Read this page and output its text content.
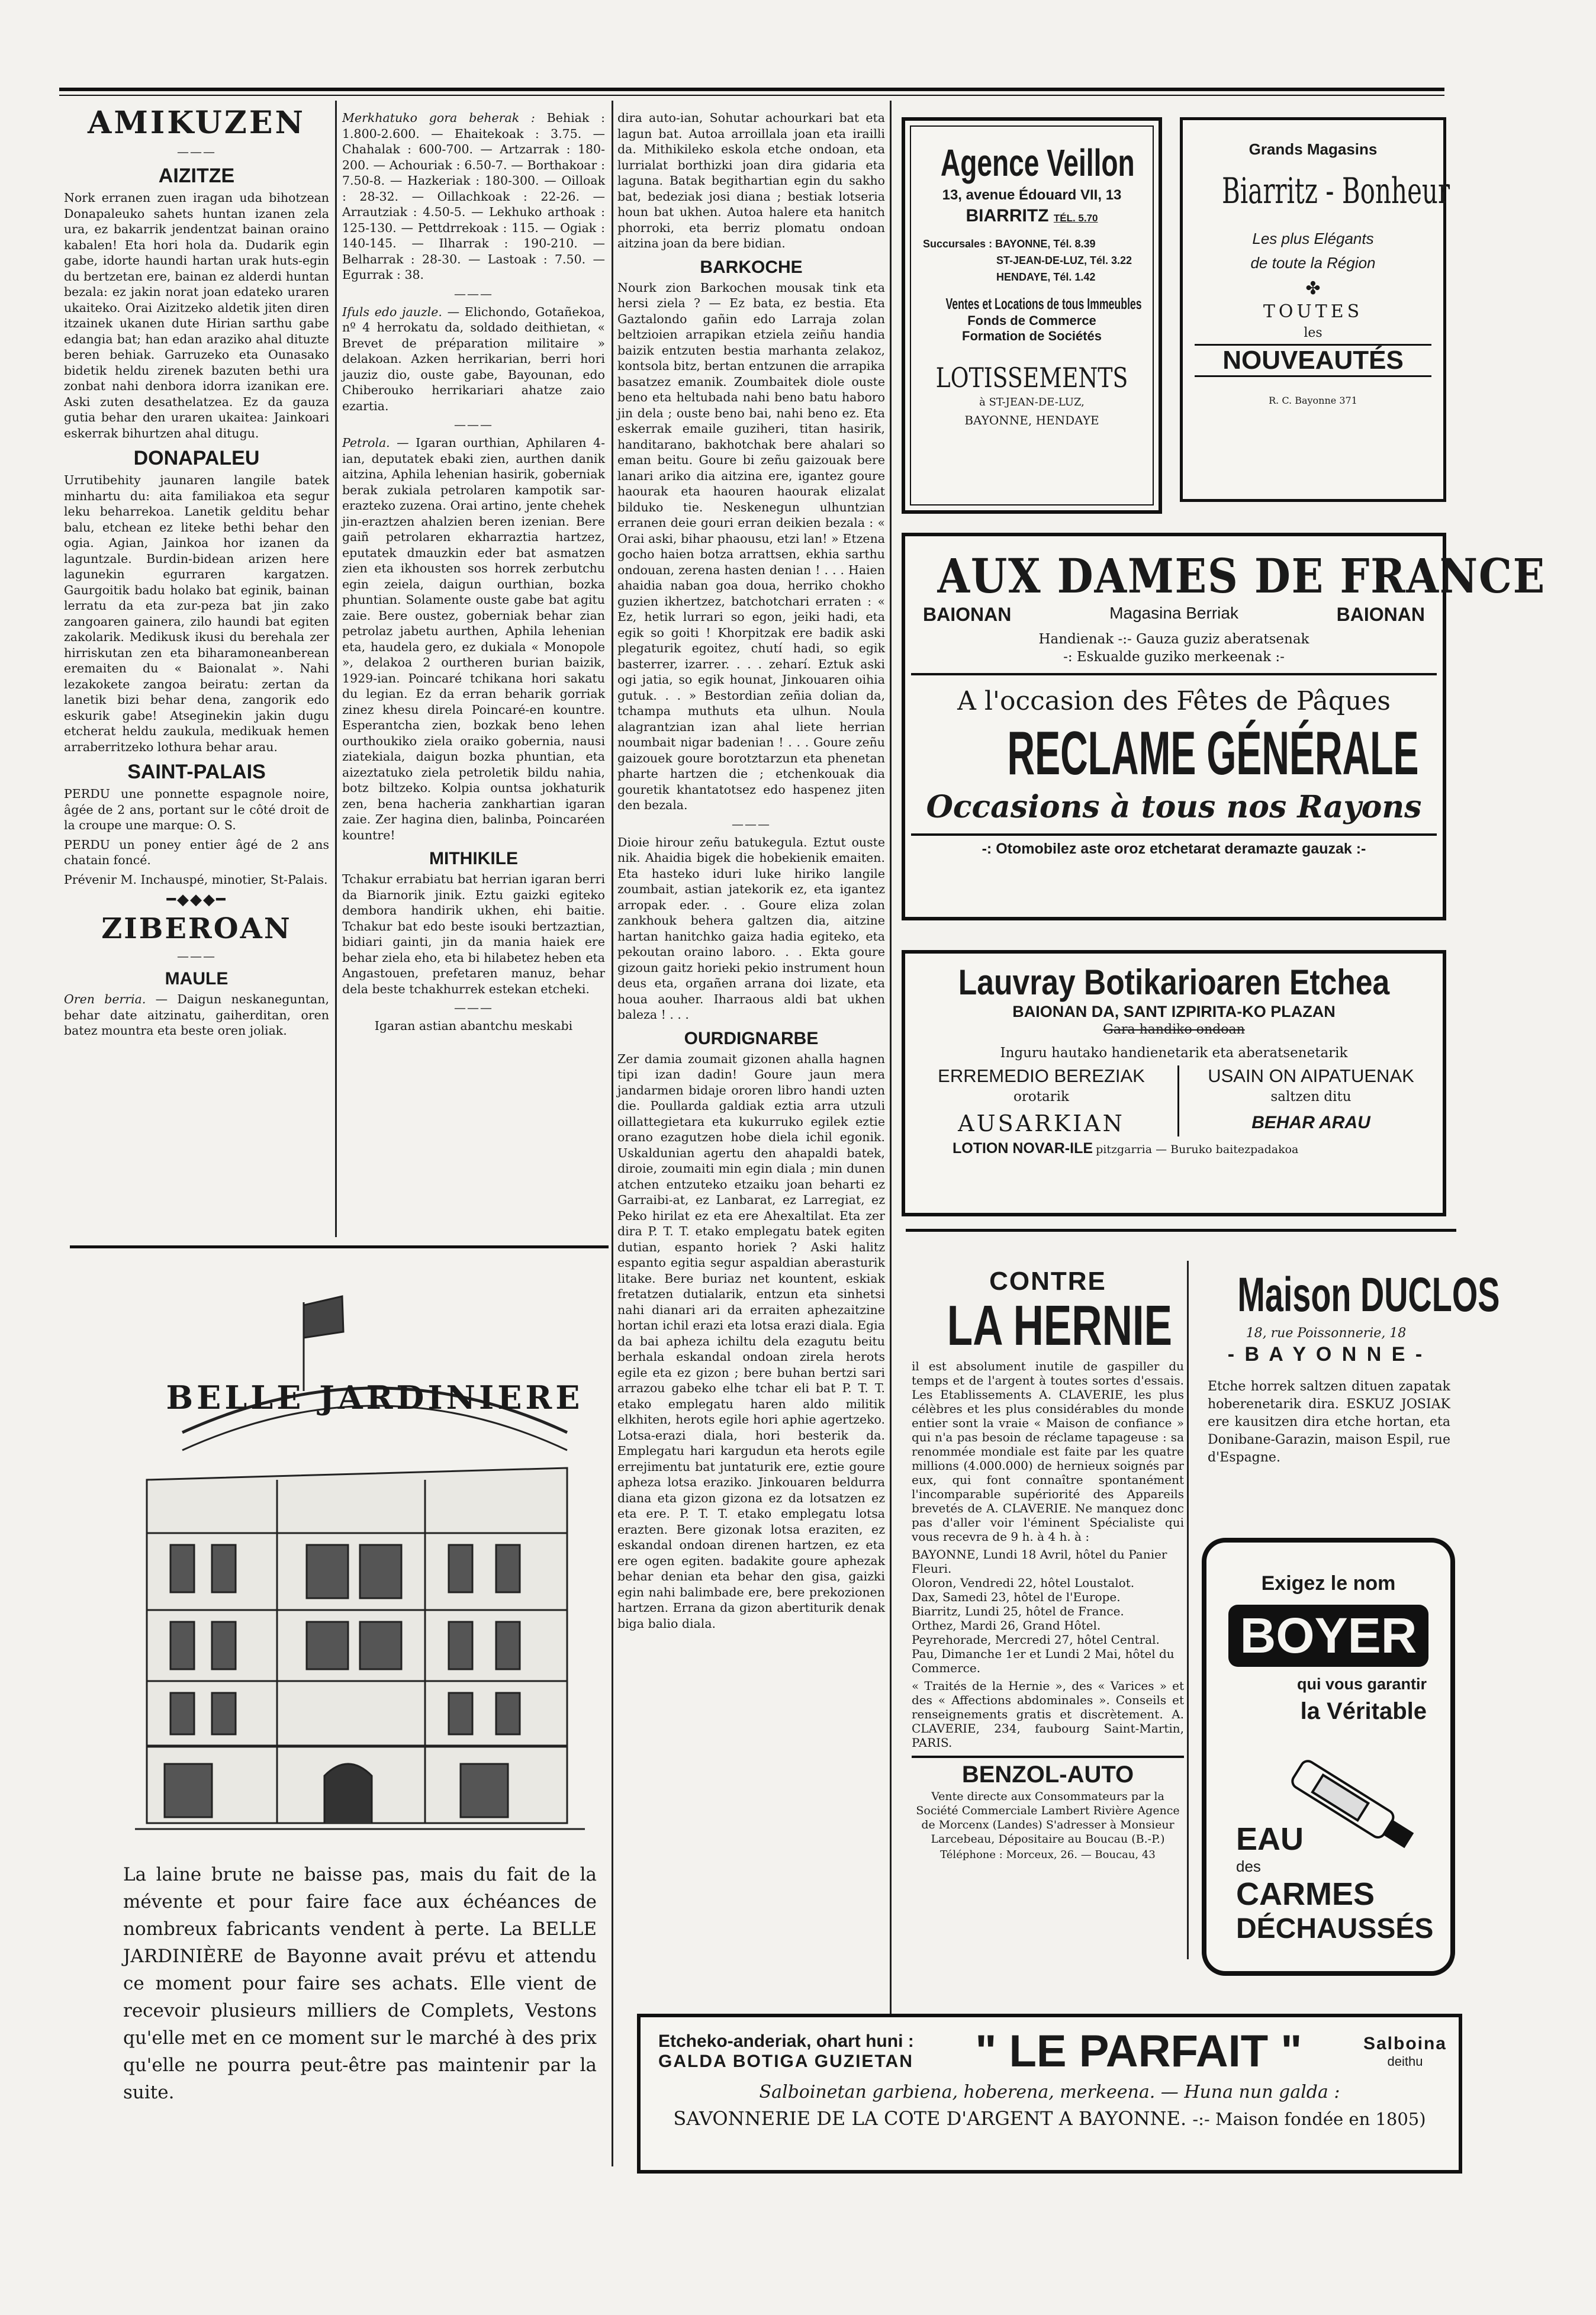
AMIKUZEN
———
AIZITZE
Nork erranen zuen iragan uda bihotzean Donapaleuko sahets huntan izanen zela ura, ez bakarrik jendentzat bainan oraino kabalen! Eta hori hola da. Dudarik egin gabe, idorte haundi hartan urak huts-egin du bertzetan ere, bainan ez alderdi huntan bezala: ez jakin norat joan edateko uraren ukaiteko. Orai Aizitzeko aldetik jiten diren itzainek ukanen dute Hirian sarthu gabe edangia bat; han edan araziko ahal dituzte beren behiak. Garruzeko eta Ounasako bidetik heldu zirenek bazuten bethi ura zonbat nahi denbora idorra izanikan ere. Aski zuten desathelatzea. Ez da gauza gutia behar den uraren ukaitea: Jainkoari eskerrak bihurtzen ahal ditugu.
DONAPALEU
Urrutibehity jaunaren langile batek minhartu du: aita familiakoa eta segur leku beharrekoa. Lanetik gelditu behar balu, etchean ez liteke bethi behar den ogia. Agian, Jainkoa hor izanen da laguntzale. Burdin-bidean arizen here lagunekin egurraren kargatzen. Gaurgoitik badu holako bat eginik, bainan lerratu da eta zur-peza bat jin zako zangoaren gainera, zilo haundi bat egiten zakolarik. Medikusk ikusi du berehala zer hirriskutan zen eta biharamoneanberean eremaiten du « Baionalat ». Nahi lezakokete zangoa beiratu: zertan da lanetik bizi behar dena, zangorik edo eskurik gabe! Atseginekin jakin dugu etcherat heldu zaukula, medikuak hemen arraberritzeko lothura behar arau.
SAINT-PALAIS

PERDU une ponnette espagnole noire, âgée de 2 ans, portant sur le côté droit de la croupe une marque: O. S.

PERDU un poney entier âgé de 2 ans chatain foncé.

Prévenir M. Inchauspé, minotier, St-Palais.

━◆◆◆━
ZIBEROAN
———
MAULE
Oren berria. — Daigun neskaneguntan, behar date aitzinatu, gaiherditan, oren batez mountra eta beste oren joliak.
Merkhatuko gora beherak : Behiak : 1.800-2.600. — Ehaitekoak : 3.75. — Chahalak : 600-700. — Artzarrak : 180-200. — Achouriak : 6.50-7. — Borthakoar : 7.50-8. — Hazkeriak : 180-300. — Oilloak : 28-32. — Oillachkoak : 22-26. — Arrautziak : 4.50-5. — Lekhuko arthoak : 125-130. — Pettdrrekoak : 115. — Ogiak : 140-145. — Ilharrak : 190-210. — Belharrak : 28-30. — Lastoak : 7.50. — Egurrak : 38.
———
Ifuls edo jauzle. — Elichondo, Gotañekoa, nº 4 herrokatu da, soldado deithietan, « Brevet de préparation militaire » delakoan. Azken herrikarian, berri hori jauziz dio, ouste gabe, Bayounan, edo Chiberouko herrikariari ahatze zaio ezartia.
———
Petrola. — Igaran ourthian, Aphilaren 4-ian, deputatek ebaki zien, aurthen danik aitzina, Aphila lehenian hasirik, goberniak berak zukiala petrolaren kampotik sar-erazteko zuzena. Orai artino, jente chehek jin-eraztzen ahalzien beren izenian. Bere gaiñ petrolaren ekharraztia hartzez, eputatek dmauzkin eder bat asmatzen zien eta ikhousten sos horrek zerbutchu egin zeiela, daigun ourthian, bozka phuntian. Solamente ouste gabe bat agitu zaie. Bere oustez, goberniak behar zian petrolaz jabetu aurthen, Aphila lehenian eta, haudela gero, ez dukiala « Monopole », delakoa 2 ourtheren burian baizik, 1929-ian. Poincaré tchikana hori sakatu du legian. Ez da erran beharik gorriak zinez khesu direla Poincaré-en kountre. Esperantcha zien, bozkak beno lehen ourthoukiko ziela oraiko gobernia, nausi ziatekiala, daigun bozka phuntian, eta aizeztatuko ziela petroletik bildu nahia, botz biltzeko. Kolpia ountsa jokhaturik zen, bena hacheria zankhartian igaran zaie. Zer hagina dien, balinba, Poincaréen kountre!
MITHIKILE
Tchakur errabiatu bat herrian igaran berri da Biarnorik jinik. Eztu gaizki egiteko dembora handirik ukhen, ehi baitie. Tchakur bat edo beste isouki bertzaztian, bidiari gainti, jin da mania haiek ere behar ziela eho, eta bi hilabetez heben eta Angastouen, prefetaren manuz, behar dela beste tchakhurrek estekan etcheki.
———
Igaran astian abantchu meskabi
dira auto-ian, Sohutar achourkari bat eta lagun bat. Autoa arroillala joan eta irailli da. Mithikileko eskola etche ondoan, eta lurrialat borthizki joan dira gidaria eta laguna. Batak begithartian egin du sakho bat, bedeziak josi diana ; bestiak lotseria houn bat ukhen. Autoa halere eta hanitch phorroki, eta berriz plomatu ondoan aitzina joan da bere bidian.
BARKOCHE
Nourk zion Barkochen mousak tink eta hersi ziela ? — Ez bata, ez bestia. Eta Gaztalondo gañin edo Larraja zolan beltzioien arrapikan etziela zeiñu handia baizik entzuten bestia marhanta zelakoz, kontsola bitz, bertan entzunen die arrapika basatzez emanik. Zoumbaitek diole ouste beno eta heltubada nahi beno batu haboro jin dela ; ouste beno bai, nahi beno ez. Eta eskerrak emaile guziheri, titan hasirik, handitarano, bakhotchak bere ahalari so eman beitu. Goure bi zeñu gaizouak bere lanari ariko dia aitzina ere, igantez goure haourak eta haouren haourak elizalat bilduko tie. Neskenegun ulhuntzian erranen deie gouri erran deikien bezala : « Orai aski, bihar phaousu, etzi lan! » Etzena gocho haien botza arrattsen, ekhia sarthu ondouan, zerena hasten denian ! . . . Haien ahaidia naban goa doua, herriko chokho guzien ikhertzez, batchotchari erraten : « Ez, hetik lurrari so egon, jeiki hadi, eta egik so goiti ! Khorpitzak ere badik aski plegaturik egoitez, chutí hadi, so egik basterrer, izarrer. . . . zeharí. Eztuk aski ogi jatia, so egik hounat, Jinkouaren oihia gutuk. . . » Bestordian zeñia dolian da, tchampa muthuts eta ulhun. Noula alagrantzian izan ahal liete herrian noumbait nigar badenian ! . . . Goure zeñu gaizouek goure borotztarzun eta phenetan pharte hartzen die ; etchenkouak dia gouretik khantatotsez edo haspenez jiten den bezala.
———
Dioie hirour zeñu batukegula. Eztut ouste nik. Ahaidia bigek die hobekienik emaiten. Eta hasteko iduri luke hiriko langile zoumbait, astian jatekorik ez, eta igantez arropak eder. . . Goure eliza zolan zankhouk behera galtzen dia, aitzine hartan hanitchko gaiza hadia egiteko, eta pekoutan oraino laboro. . . Ekta goure gizoun gaitz horieki pekio instrument houn deus eta, orgañen arrana doi lizate, eta houa aouher. Iharraous aldi bat ukhen baleza ! . . .
OURDIGNARBE
Zer damia zoumait gizonen ahalla hagnen tipi izan dadin! Goure jaun mera jandarmen bidaje ororen libro handi uzten die. Poullarda galdiak eztia arra utzuli oillattegietara eta kukurruko egilek eztie orano ezagutzen hobe diela ichil egonik. Uskaldunian agertu den ahapaldi batek, diroie, zoumaiti min egin diala ; min dunen atchen entzuteko etzaiku joan beharti ez Garraibi-at, ez Lanbarat, ez Larregiat, ez Peko hirilat ez eta ere Ahexaltilat. Eta zer dira P. T. T. etako emplegatu batek egiten dutian, espanto horiek ? Aski halitz espanto egitia segur aspaldian aberasturik litake. Bere buriaz net kountent, eskiak fretatzen dutialarik, entzun eta sinhetsi nahi dianari ari da erraiten aphezaitzine hortan ichil erazi eta lotsa erazi diala. Egia da bai apheza ichiltu dela ezagutu beitu berhala eskandal ondoan zirela herots egile eta ez gizon ; bere buhan bertzi sari arrazou gabeko elhe tchar eli bat P. T. T. etako emplegatu haren aldo militik elkhiten, herots egile hori aphie agertzeko. Lotsa-erazi diala, hori besterik da. Emplegatu hari kargudun eta herots egile errejimentu bat juntaturik ere, eztie goure apheza lotsa eraziko. Jinkouaren beldurra diana eta gizon gizona ez da lotsatzen ez eta ere. P. T. T. etako emplegatu lotsa erazten. Bere gizonak lotsa eraziten, ez eskandal ondoan direnen hartzen, ez eta ere ogen egiten. badakite goure aphezak behar denian eta behar den gisa, gaizki egin nahi balimbade ere, bere prekozionen hartzen. Errana da gizon abertiturik denak biga balio diala.
BELLE JARDINIERE
La laine brute ne baisse pas, mais du fait de la mévente et pour faire face aux échéances de nombreux fabricants vendent à perte. La BELLE JARDINIÈRE de Bayonne avait prévu et attendu ce moment pour faire ses achats. Elle vient de recevoir plusieurs milliers de Complets, Vestons qu'elle met en ce moment sur le marché à des prix qu'elle ne pourra peut-être pas maintenir par la suite.
Agence Veillon
13, avenue Édouard VII, 13
BIARRITZ TÉL. 5.70
Succursales : BAYONNE, Tél. 8.39
ST-JEAN-DE-LUZ, Tél. 3.22
HENDAYE, Tél. 1.42
Ventes et Locations de tous Immeubles
Fonds de Commerce
Formation de Sociétés
LOTISSEMENTS
à ST-JEAN-DE-LUZ,
BAYONNE, HENDAYE
Grands Magasins
Biarritz - Bonheur
Les plus Elégants
de toute la Région
✤
TOUTES
les
NOUVEAUTÉS
R. C. Bayonne 371
AUX DAMES DE FRANCE
BAIONAN	Magasina Berriak	BAIONAN
Handienak -:- Gauza guziz aberatsenak
-: Eskualde guziko merkeenak :-
A l'occasion des Fêtes de Pâques
RECLAME GÉNÉRALE
Occasions à tous nos Rayons
-: Otomobilez aste oroz etchetarat deramazte gauzak :-
Lauvray Botikarioaren Etchea
BAIONAN DA, SANT IZPIRITA-KO PLAZAN
Gara handiko ondoan
Inguru hautako handienetarik eta aberatsenetarik
ERREMEDIO BEREZIAK
orotarik
AUSARKIAN
USAIN ON AIPATUENAK
saltzen ditu
BEHAR ARAU
LOTION NOVAR-ILE pitzgarria — Buruko baitezpadakoa
CONTRE
LA HERNIE
il est absolument inutile de gaspiller du temps et de l'argent à toutes sortes d'essais. Les Etablissements A. CLAVERIE, les plus célèbres et les plus considérables du monde entier sont la vraie « Maison de confiance » qui n'a pas besoin de réclame tapageuse : sa renommée mondiale est faite par les quatre millions (4.000.000) de hernieux soignés par eux, qui font connaître spontanément l'incomparable supériorité des Appareils brevetés de A. CLAVERIE. Ne manquez donc pas d'aller voir l'éminent Spécialiste qui vous recevra de 9 h. à 4 h. à :
BAYONNE, Lundi 18 Avril, hôtel du Panier Fleuri.
Oloron, Vendredi 22, hôtel Loustalot.
Dax, Samedi 23, hôtel de l'Europe.
Biarritz, Lundi 25, hôtel de France.
Orthez, Mardi 26, Grand Hôtel.
Peyrehorade, Mercredi 27, hôtel Central.
Pau, Dimanche 1er et Lundi 2 Mai, hôtel du Commerce.
« Traités de la Hernie », des « Varices » et des « Affections abdominales ». Conseils et renseignements gratis et discrètement. A. CLAVERIE, 234, faubourg Saint-Martin, PARIS.
BENZOL-AUTO
Vente directe aux Consommateurs par la Société Commerciale Lambert Rivière Agence de Morcenx (Landes) S'adresser à Monsieur Larcebeau, Dépositaire au Boucau (B.-P.)
Téléphone : Morceux, 26. — Boucau, 43
Maison DUCLOS
18, rue Poissonnerie, 18
- B A Y O N N E -
Etche horrek saltzen dituen zapatak hoberenetarik dira. ESKUZ JOSIAK ere kausitzen dira etche hortan, eta Donibane-Garazin, maison Espil, rue d'Espagne.
Exigez le nom
BOYER
qui vous garantir
la Véritable
EAU
des
CARMES
DÉCHAUSSÉS
Etcheko-anderiak, ohart huni :
GALDA BOTIGA GUZIETAN " LE PARFAIT "	Salboina
deithu
Salboinetan garbiena, hoberena, merkeena. — Huna nun galda :
SAVONNERIE DE LA COTE D'ARGENT A BAYONNE. -:- Maison fondée en 1805)
